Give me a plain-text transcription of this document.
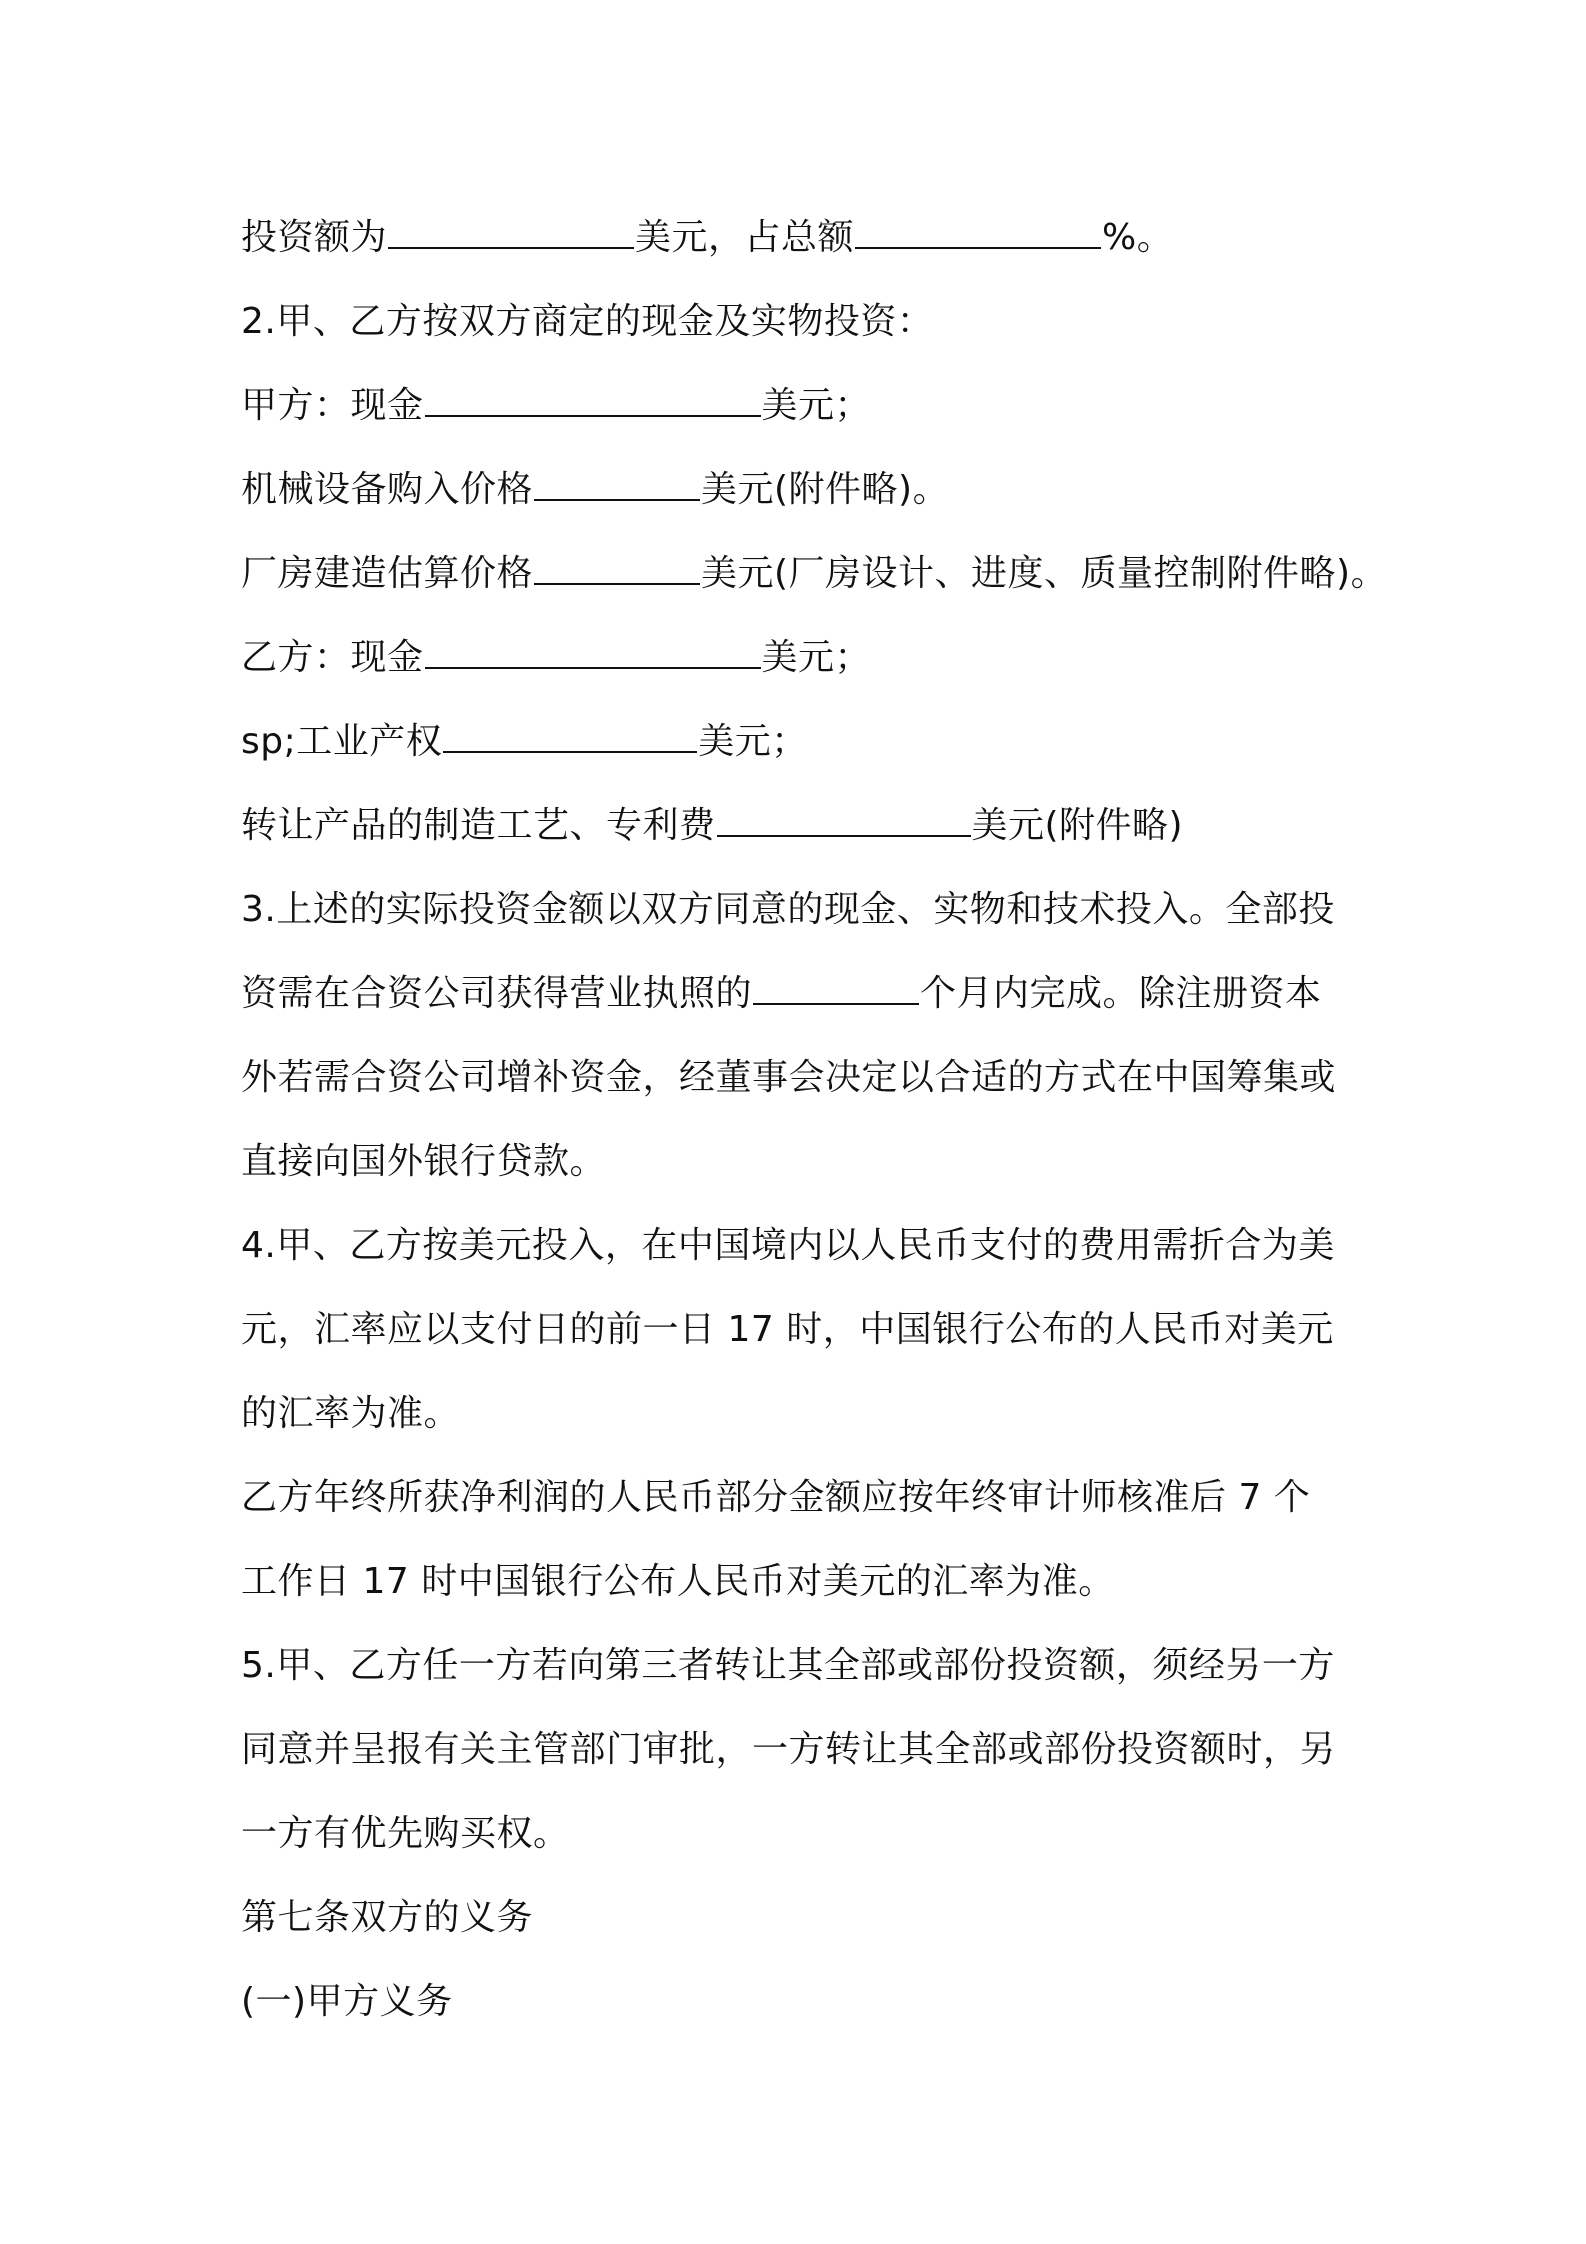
投资额为	美元，占总额	%。
2.甲、乙方按双方商定的现金及实物投资：
甲方：现金	美元；
机械设备购入价格	美元(附件略)。
厂房建造估算价格	美元(厂房设计、进度、质量控制附件略)。
乙方：现金	美元；
sp;工业产权	美元；
转让产品的制造工艺、专利费	美元(附件略)
3.上述的实际投资金额以双方同意的现金、实物和技术投入。全部投
资需在合资公司获得营业执照的	个月内完成。除注册资本
外若需合资公司增补资金，经董事会决定以合适的方式在中国筹集或
直接向国外银行贷款。
4.甲、乙方按美元投入，在中国境内以人民币支付的费用需折合为美
元，汇率应以支付日的前一日 17 时，中国银行公布的人民币对美元
的汇率为准。
乙方年终所获净利润的人民币部分金额应按年终审计师核准后 7 个
工作日 17 时中国银行公布人民币对美元的汇率为准。
5.甲、乙方任一方若向第三者转让其全部或部份投资额，须经另一方
同意并呈报有关主管部门审批，一方转让其全部或部份投资额时，另
一方有优先购买权。
第七条双方的义务
(一)甲方义务
